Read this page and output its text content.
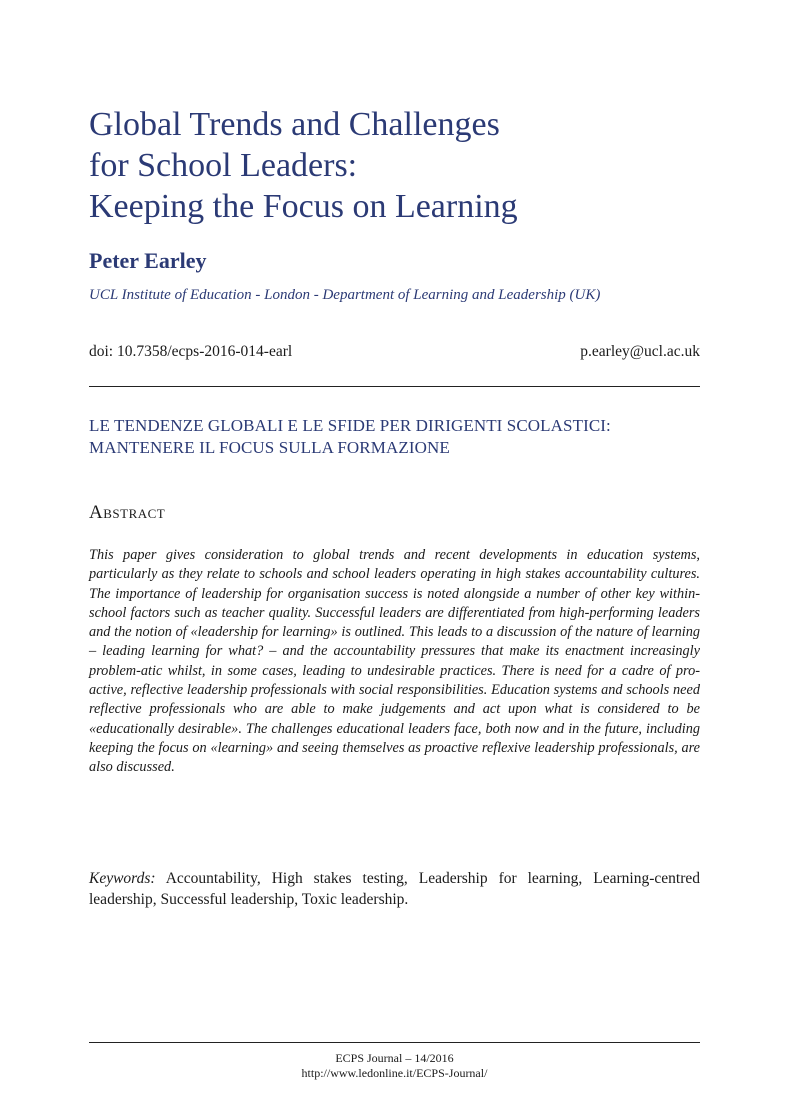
Global Trends and Challenges
for School Leaders:
Keeping the Focus on Learning

Peter Earley

UCL Institute of Education - London - Department of Learning and Leadership (UK)

doi: 10.7358/ecps-2016-014-earl	p.earley@ucl.ac.uk
LE TENDENZE GLOBALI E LE SFIDE PER DIRIGENTI SCOLASTICI:
MANTENERE IL FOCUS SULLA FORMAZIONE
Abstract

This paper gives consideration to global trends and recent developments in education systems, particularly as they relate to schools and school leaders operating in high stakes accountability cultures. The importance of leadership for organisation success is noted alongside a number of other key within-school factors such as teacher quality. Successful leaders are differentiated from high-performing leaders and the notion of «leadership for learning» is outlined. This leads to a discussion of the nature of learning – leading learning for what? – and the accountability pressures that make its enactment increasingly problem-atic whilst, in some cases, leading to undesirable practices. There is need for a cadre of pro-active, reflective leadership professionals with social responsibilities. Education systems and schools need reflective professionals who are able to make judgements and act upon what is considered to be «educationally desirable». The challenges educational leaders face, both now and in the future, including keeping the focus on «learning» and seeing themselves as proactive reflexive leadership professionals, are also discussed.

Keywords: Accountability, High stakes testing, Leadership for learning, Learning-centred leadership, Successful leadership, Toxic leadership.

ECPS Journal – 14/2016
http://www.ledonline.it/ECPS-Journal/
